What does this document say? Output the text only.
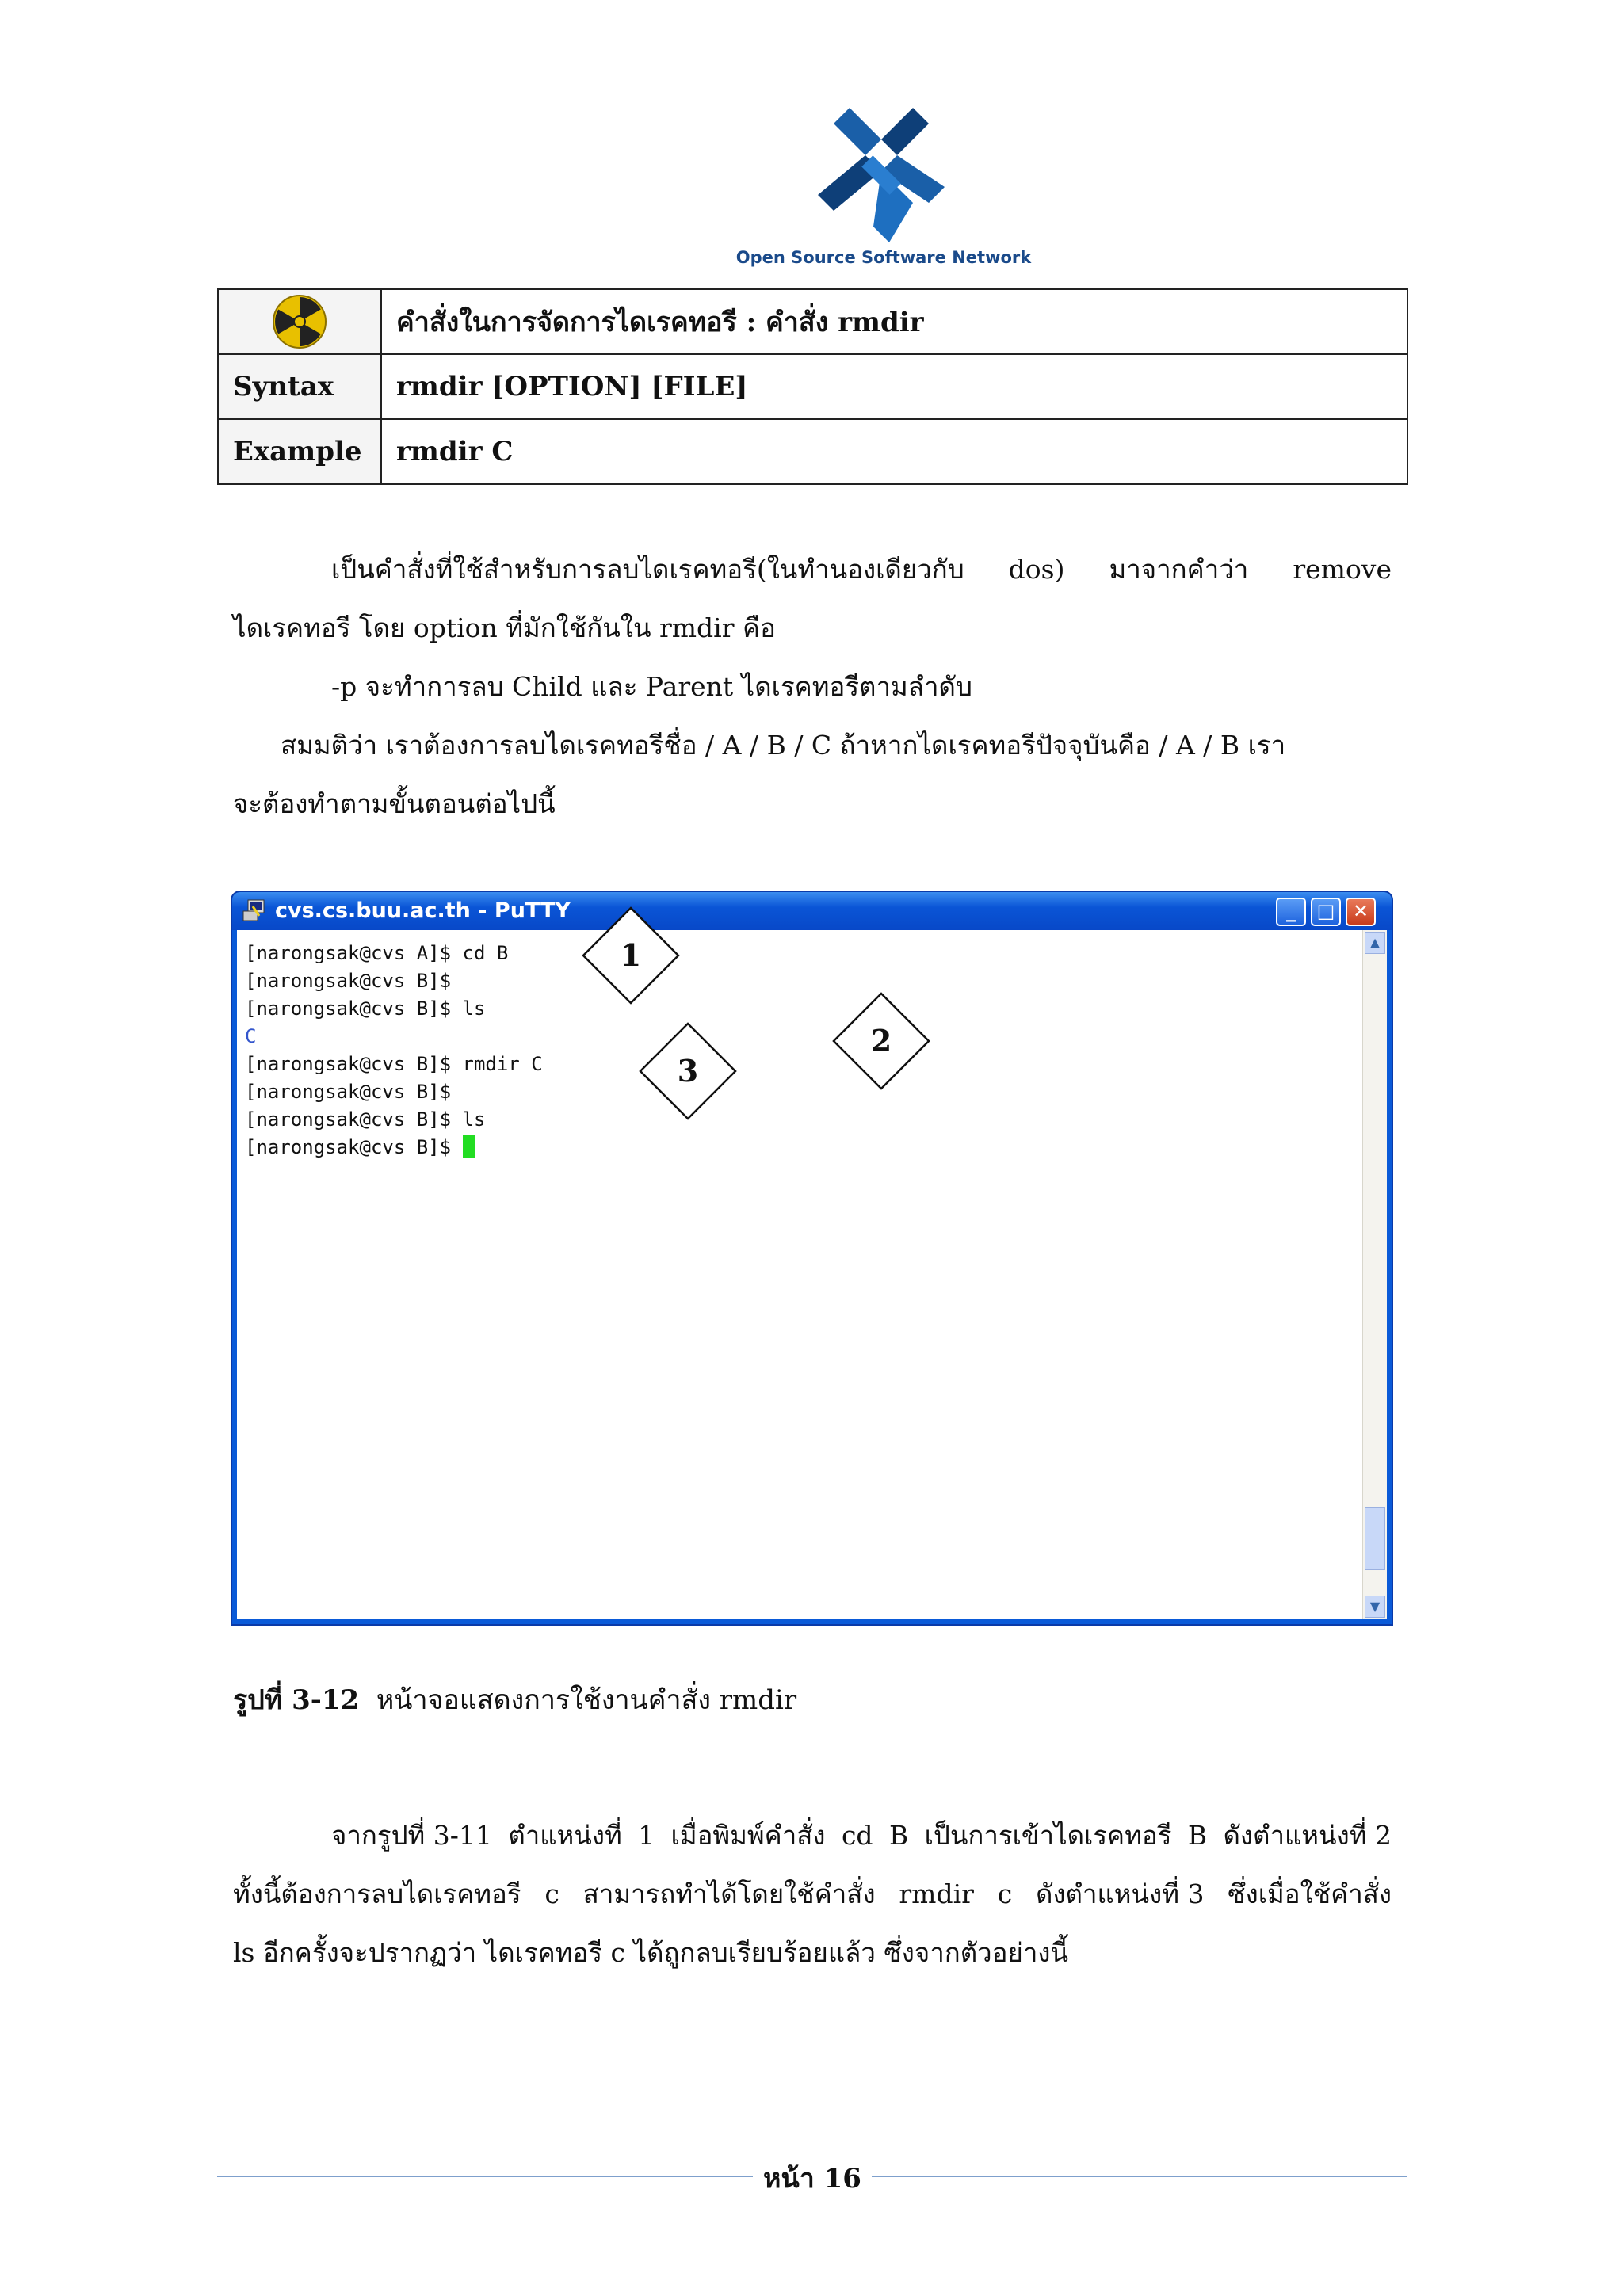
Open Source Software Network
	คำสั่งในการจัดการไดเรคทอรี : คำสั่ง rmdir
Syntax	rmdir [OPTION] [FILE]
Example	rmdir C
เป็นคำสั่งที่ใช้สำหรับการลบไดเรคทอรี(ในทำนองเดียวกับ dos) มาจากคำว่า remove
ไดเรคทอรี โดย option ที่มักใช้กันใน rmdir คือ
-p จะทำการลบ Child และ Parent ไดเรคทอรีตามลำดับ
สมมติว่า เราต้องการลบไดเรคทอรีชื่อ / A / B / C ถ้าหากไดเรคทอรีปัจจุบันคือ / A / B เรา
จะต้องทำตามขั้นตอนต่อไปนี้
cvs.cs.buu.ac.th - PuTTY	_	□ ✕
[narongsak@cvs A]$ cd B
[narongsak@cvs B]$
[narongsak@cvs B]$ ls
C
[narongsak@cvs B]$ rmdir C
[narongsak@cvs B]$
[narongsak@cvs B]$ ls
[narongsak@cvs B]$
▲
▼
1
2
3
รูปที่ 3-12 หน้าจอแสดงการใช้งานคำสั่ง rmdir
จากรูปที่ 3-11 ตำแหน่งที่ 1 เมื่อพิมพ์คำสั่ง cd B เป็นการเข้าไดเรคทอรี B ดังตำแหน่งที่ 2
ทั้งนี้ต้องการลบไดเรคทอรี c สามารถทำได้โดยใช้คำสั่ง rmdir c ดังตำแหน่งที่ 3 ซึ่งเมื่อใช้คำสั่ง
ls อีกครั้งจะปรากฏว่า ไดเรคทอรี c ได้ถูกลบเรียบร้อยแล้ว ซึ่งจากตัวอย่างนี้
หน้า 16
